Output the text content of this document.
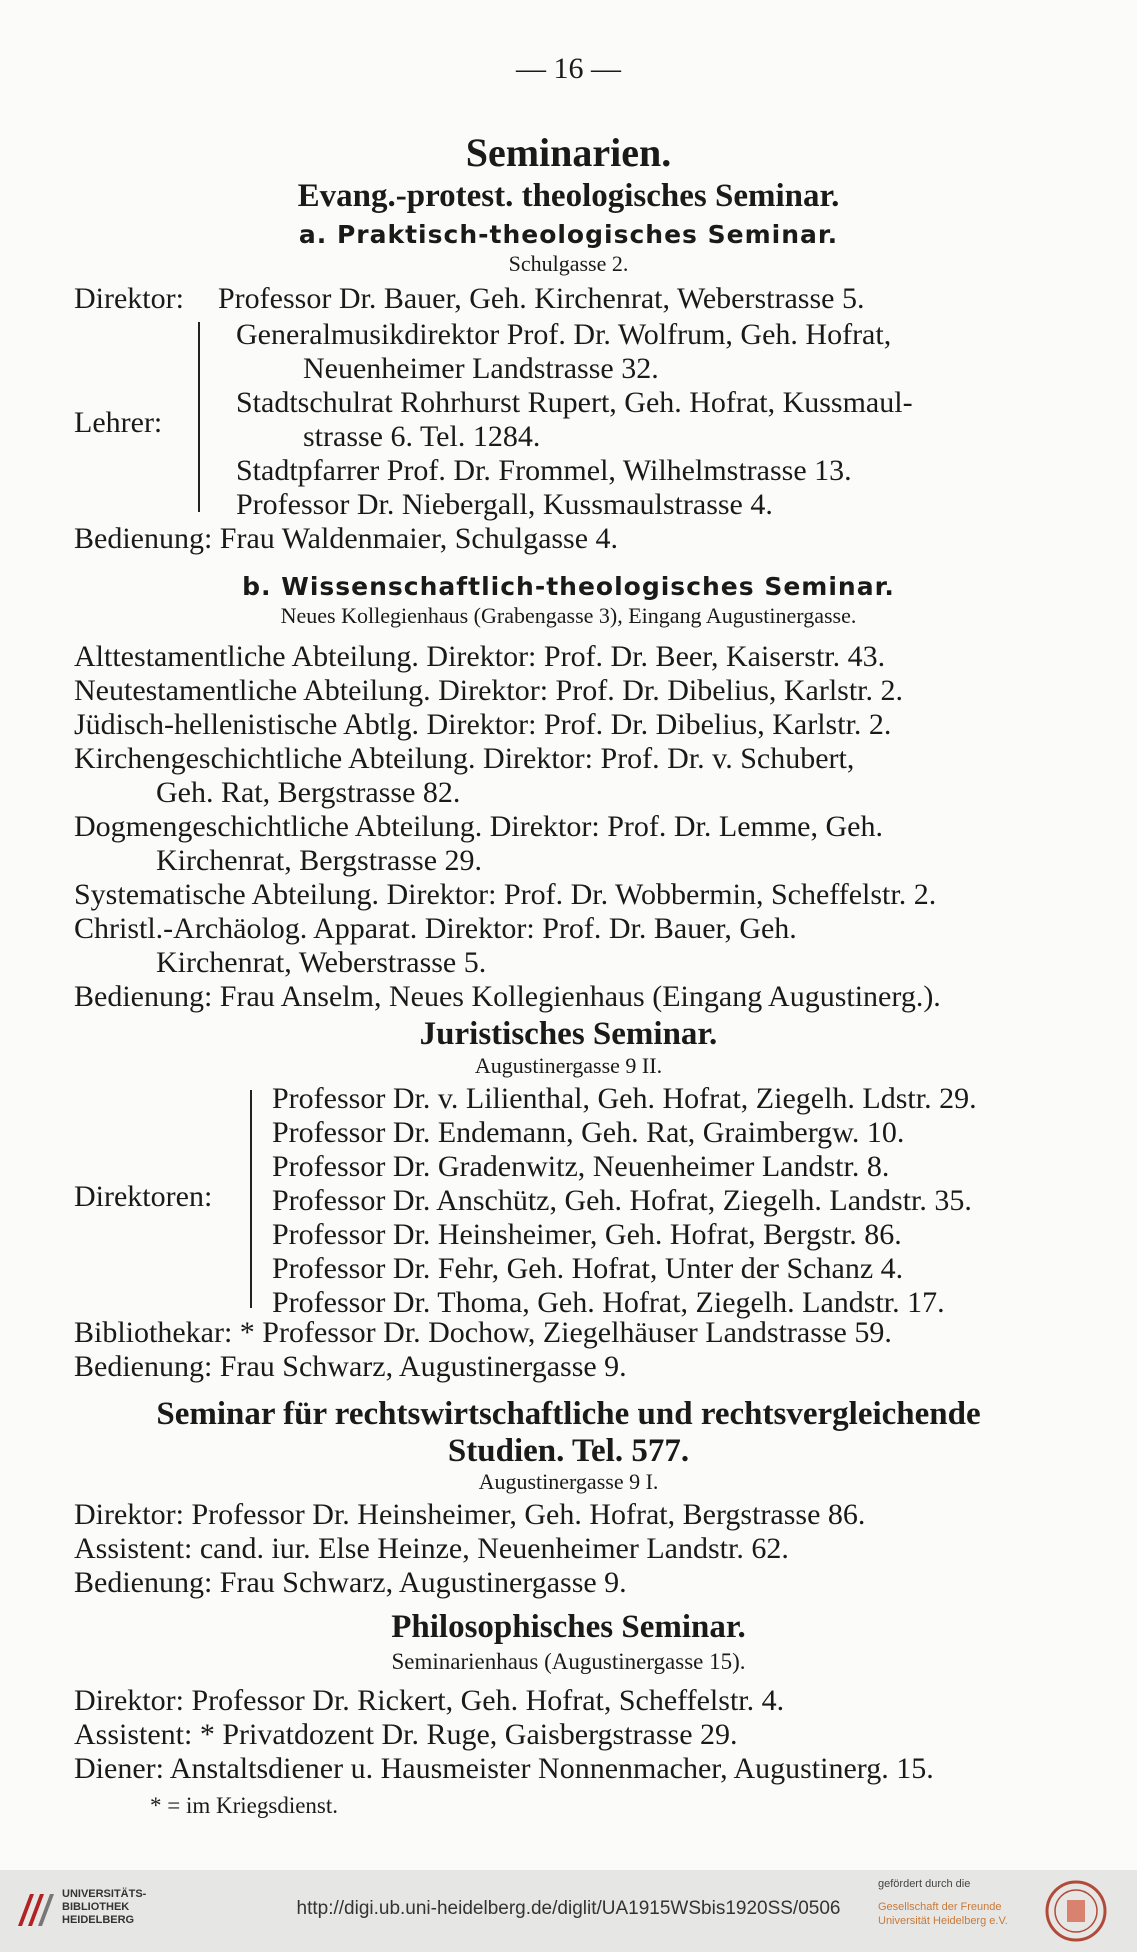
— 16 —
Seminarien.
Evang.-protest. theologisches Seminar.
a. Praktisch-theologisches Seminar.
Schulgasse 2.
Direktor: Professor Dr. Bauer, Geh. Kirchenrat, Weberstrasse 5.
Lehrer:
Generalmusikdirektor Prof. Dr. Wolfrum, Geh. Hofrat,
Neuenheimer Landstrasse 32.
Stadtschulrat Rohrhurst Rupert, Geh. Hofrat, Kussmaul-
strasse 6. Tel. 1284.
Stadtpfarrer Prof. Dr. Frommel, Wilhelmstrasse 13.
Professor Dr. Niebergall, Kussmaulstrasse 4.
Bedienung: Frau Waldenmaier, Schulgasse 4.
b. Wissenschaftlich-theologisches Seminar.
Neues Kollegienhaus (Grabengasse 3), Eingang Augustinergasse.
Alttestamentliche Abteilung. Direktor: Prof. Dr. Beer, Kaiserstr. 43.
Neutestamentliche Abteilung. Direktor: Prof. Dr. Dibelius, Karlstr. 2.
Jüdisch-hellenistische Abtlg. Direktor: Prof. Dr. Dibelius, Karlstr. 2.
Kirchengeschichtliche Abteilung. Direktor: Prof. Dr. v. Schubert,
Geh. Rat, Bergstrasse 82.
Dogmengeschichtliche Abteilung. Direktor: Prof. Dr. Lemme, Geh.
Kirchenrat, Bergstrasse 29.
Systematische Abteilung. Direktor: Prof. Dr. Wobbermin, Scheffelstr. 2.
Christl.-Archäolog. Apparat. Direktor: Prof. Dr. Bauer, Geh.
Kirchenrat, Weberstrasse 5.
Bedienung: Frau Anselm, Neues Kollegienhaus (Eingang Augustinerg.).
Juristisches Seminar.
Augustinergasse 9 II.
Direktoren:
Professor Dr. v. Lilienthal, Geh. Hofrat, Ziegelh. Ldstr. 29.
Professor Dr. Endemann, Geh. Rat, Graimbergw. 10.
Professor Dr. Gradenwitz, Neuenheimer Landstr. 8.
Professor Dr. Anschütz, Geh. Hofrat, Ziegelh. Landstr. 35.
Professor Dr. Heinsheimer, Geh. Hofrat, Bergstr. 86.
Professor Dr. Fehr, Geh. Hofrat, Unter der Schanz 4.
Professor Dr. Thoma, Geh. Hofrat, Ziegelh. Landstr. 17.
Bibliothekar: * Professor Dr. Dochow, Ziegelhäuser Landstrasse 59.
Bedienung: Frau Schwarz, Augustinergasse 9.
Seminar für rechtswirtschaftliche und rechtsvergleichende
Studien. Tel. 577.
Augustinergasse 9 I.
Direktor: Professor Dr. Heinsheimer, Geh. Hofrat, Bergstrasse 86.
Assistent: cand. iur. Else Heinze, Neuenheimer Landstr. 62.
Bedienung: Frau Schwarz, Augustinergasse 9.
Philosophisches Seminar.
Seminarienhaus (Augustinergasse 15).
Direktor: Professor Dr. Rickert, Geh. Hofrat, Scheffelstr. 4.
Assistent: * Privatdozent Dr. Ruge, Gaisbergstrasse 29.
Diener: Anstaltsdiener u. Hausmeister Nonnenmacher, Augustinerg. 15.
* = im Kriegsdienst.
UNIVERSITÄTS-
BIBLIOTHEK
HEIDELBERG
http://digi.ub.uni-heidelberg.de/diglit/UA1915WSbis1920SS/0506
gefördert durch die
Gesellschaft der Freunde
Universität Heidelberg e.V.
